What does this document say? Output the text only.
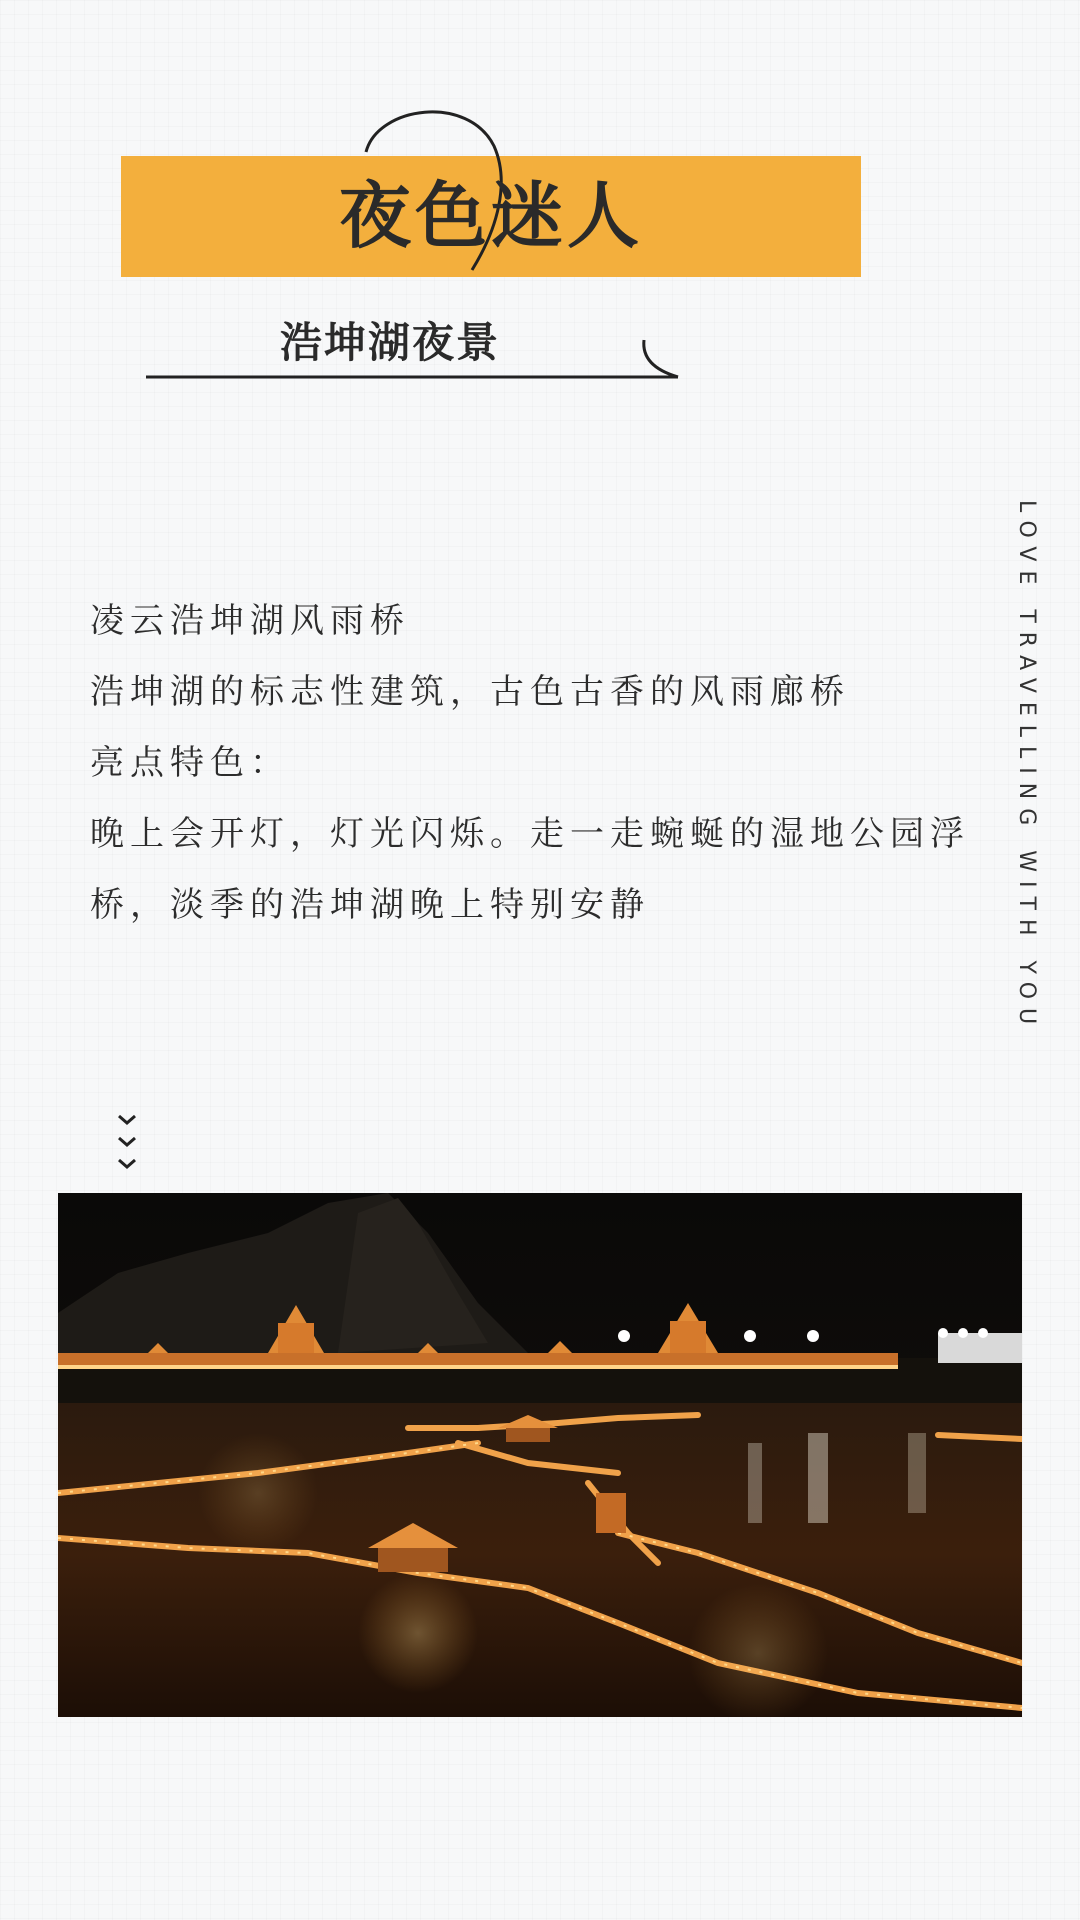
夜色迷人
浩坤湖夜景

凌云浩坤湖风雨桥

浩坤湖的标志性建筑，古色古香的风雨廊桥

亮点特色：

晚上会开灯，灯光闪烁。走一走蜿蜒的湿地公园浮

桥，淡季的浩坤湖晚上特别安静	LOVE TRAVELLING WITH YOU
